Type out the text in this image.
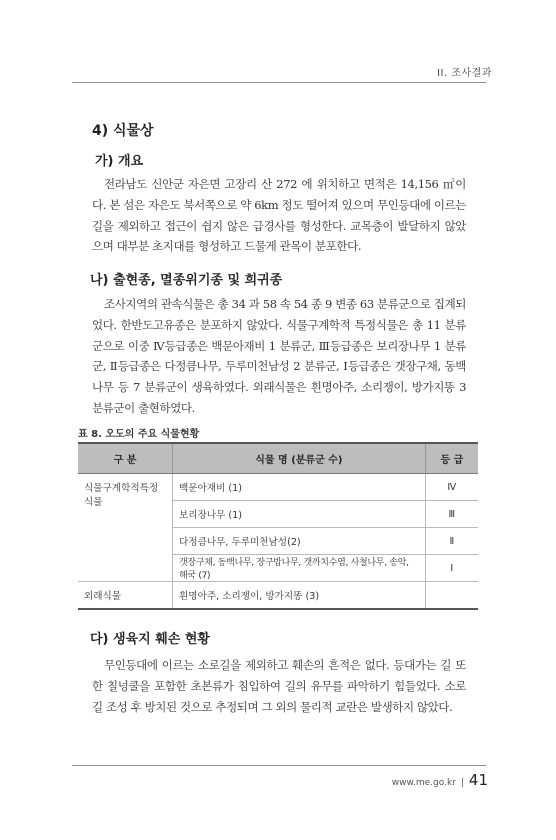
II. 조사결과
4) 식물상
가) 개요

전라남도 신안군 자은면 고장리 산 272 에 위치하고 면적은 14,156 ㎡이다. 본 섬은 자은도 북서쪽으로 약 6km 정도 떨어져 있으며 무인등대에 이르는 길을 제외하고 접근이 쉽지 않은 급경사를 형성한다. 교목층이 발달하지 않았으며 대부분 초지대를 형성하고 드물게 관목이 분포한다.

나) 출현종, 멸종위기종 및 희귀종

조사지역의 관속식물은 총 34 과 58 속 54 종 9 변종 63 분류군으로 집계되었다. 한반도고유종은 분포하지 않았다. 식물구계학적 특정식물은 총 11 분류군으로 이중 Ⅳ등급종은 백문아재비 1 분류군, Ⅲ등급종은 보리장나무 1 분류군, Ⅱ등급종은 다정큼나무, 두루미천남성 2 분류군, Ⅰ등급종은 갯장구채, 동백나무 등 7 분류군이 생육하였다. 외래식물은 흰명아주, 소리쟁이, 방가지똥 3 분류군이 출현하였다.

표 8. 오도의 주요 식물현황
구 분	식물 명 (분류군 수)	등 급
식물구계학적특정식물	백문아재비 (1)	Ⅳ
	보리장나무 (1)	Ⅲ
	다정큼나무, 두루미천남성(2)	Ⅱ
	갯장구채, 동백나무, 장구밥나무, 갯까치수염, 사철나무, 송악, 해국 (7)	Ⅰ
외래식물	흰명아주, 소리쟁이, 방가지똥 (3)	
다) 생육지 훼손 현황

무인등대에 이르는 소로길을 제외하고 훼손의 흔적은 없다. 등대가는 길 또한 칠넝쿨을 포함한 초본류가 침입하여 길의 유무를 파악하기 힘들었다. 소로길 조성 후 방치된 것으로 추정되며 그 외의 물리적 교란은 발생하지 않았다.

www.me.go.kr | 41
